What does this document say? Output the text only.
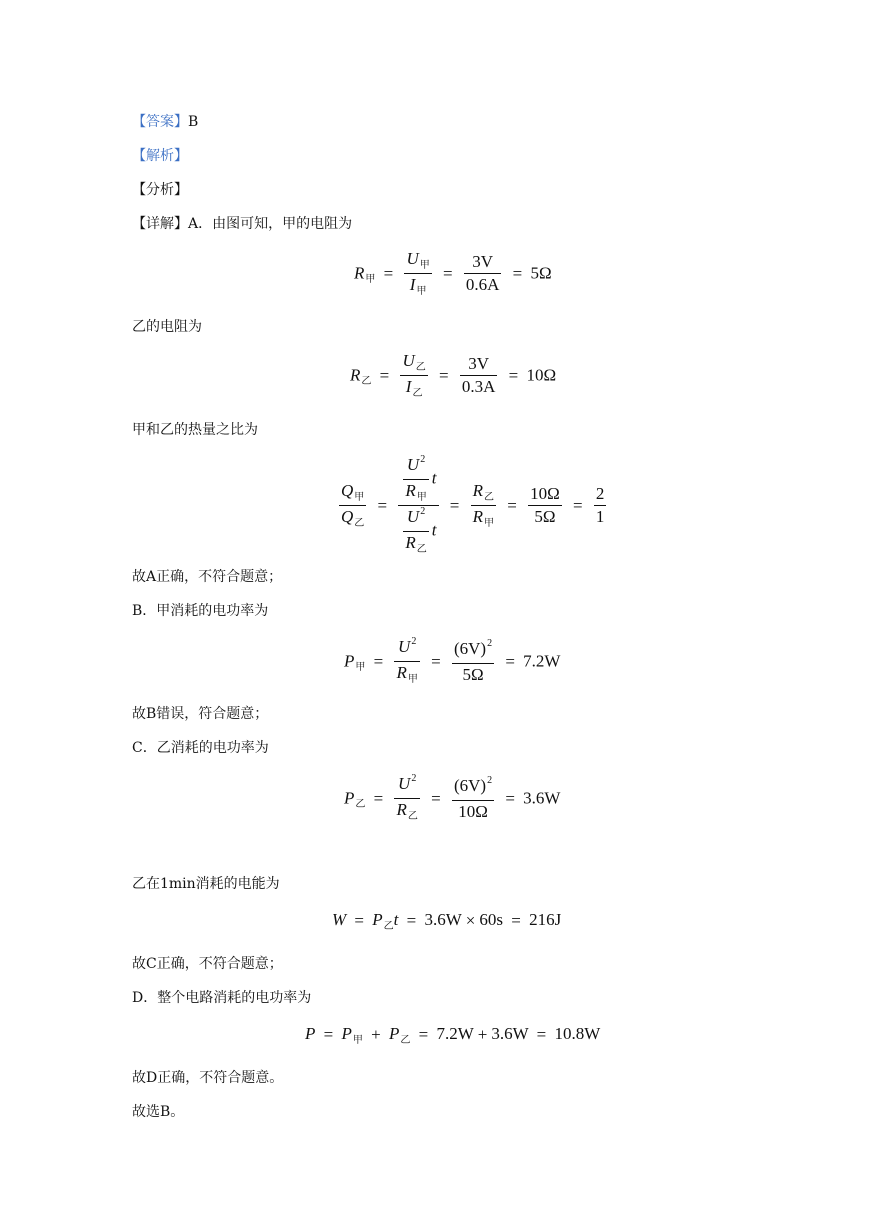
【答案】B
【解析】
【分析】
【详解】A．由图可知，甲的电阻为
$R_甲 = \frac{U_甲}{I_甲} = \frac{3V}{0.6A} = 5\Omega$
乙的电阻为
$R_乙 = \frac{U_乙}{I_乙} = \frac{3V}{0.3A} = 10\Omega$
甲和乙的热量之比为
$\frac{Q_甲}{Q_乙} = \frac{\frac{U^2}{R_甲} t}{\frac{U^2}{R_乙} t} = \frac{R_乙}{R_甲} = \frac{10\Omega}{5\Omega} = \frac{2}{1}$
故A正确，不符合题意；
B．甲消耗的电功率为
$P_甲 = \frac{U^2}{R_甲} = \frac{(6V)^2}{5\Omega} = 7.2W$
故B错误，符合题意；
C．乙消耗的电功率为
$P_乙 = \frac{U^2}{R_乙} = \frac{(6V)^2}{10\Omega} = 3.6W$
乙在1min消耗的电能为
$W = P_乙t = 3.6W \times 60s = 216J$
故C正确，不符合题意；
D．整个电路消耗的电功率为
$P = P_甲 + P_乙 = 7.2W + 3.6W = 10.8W$
故D正确，不符合题意。
故选B。
